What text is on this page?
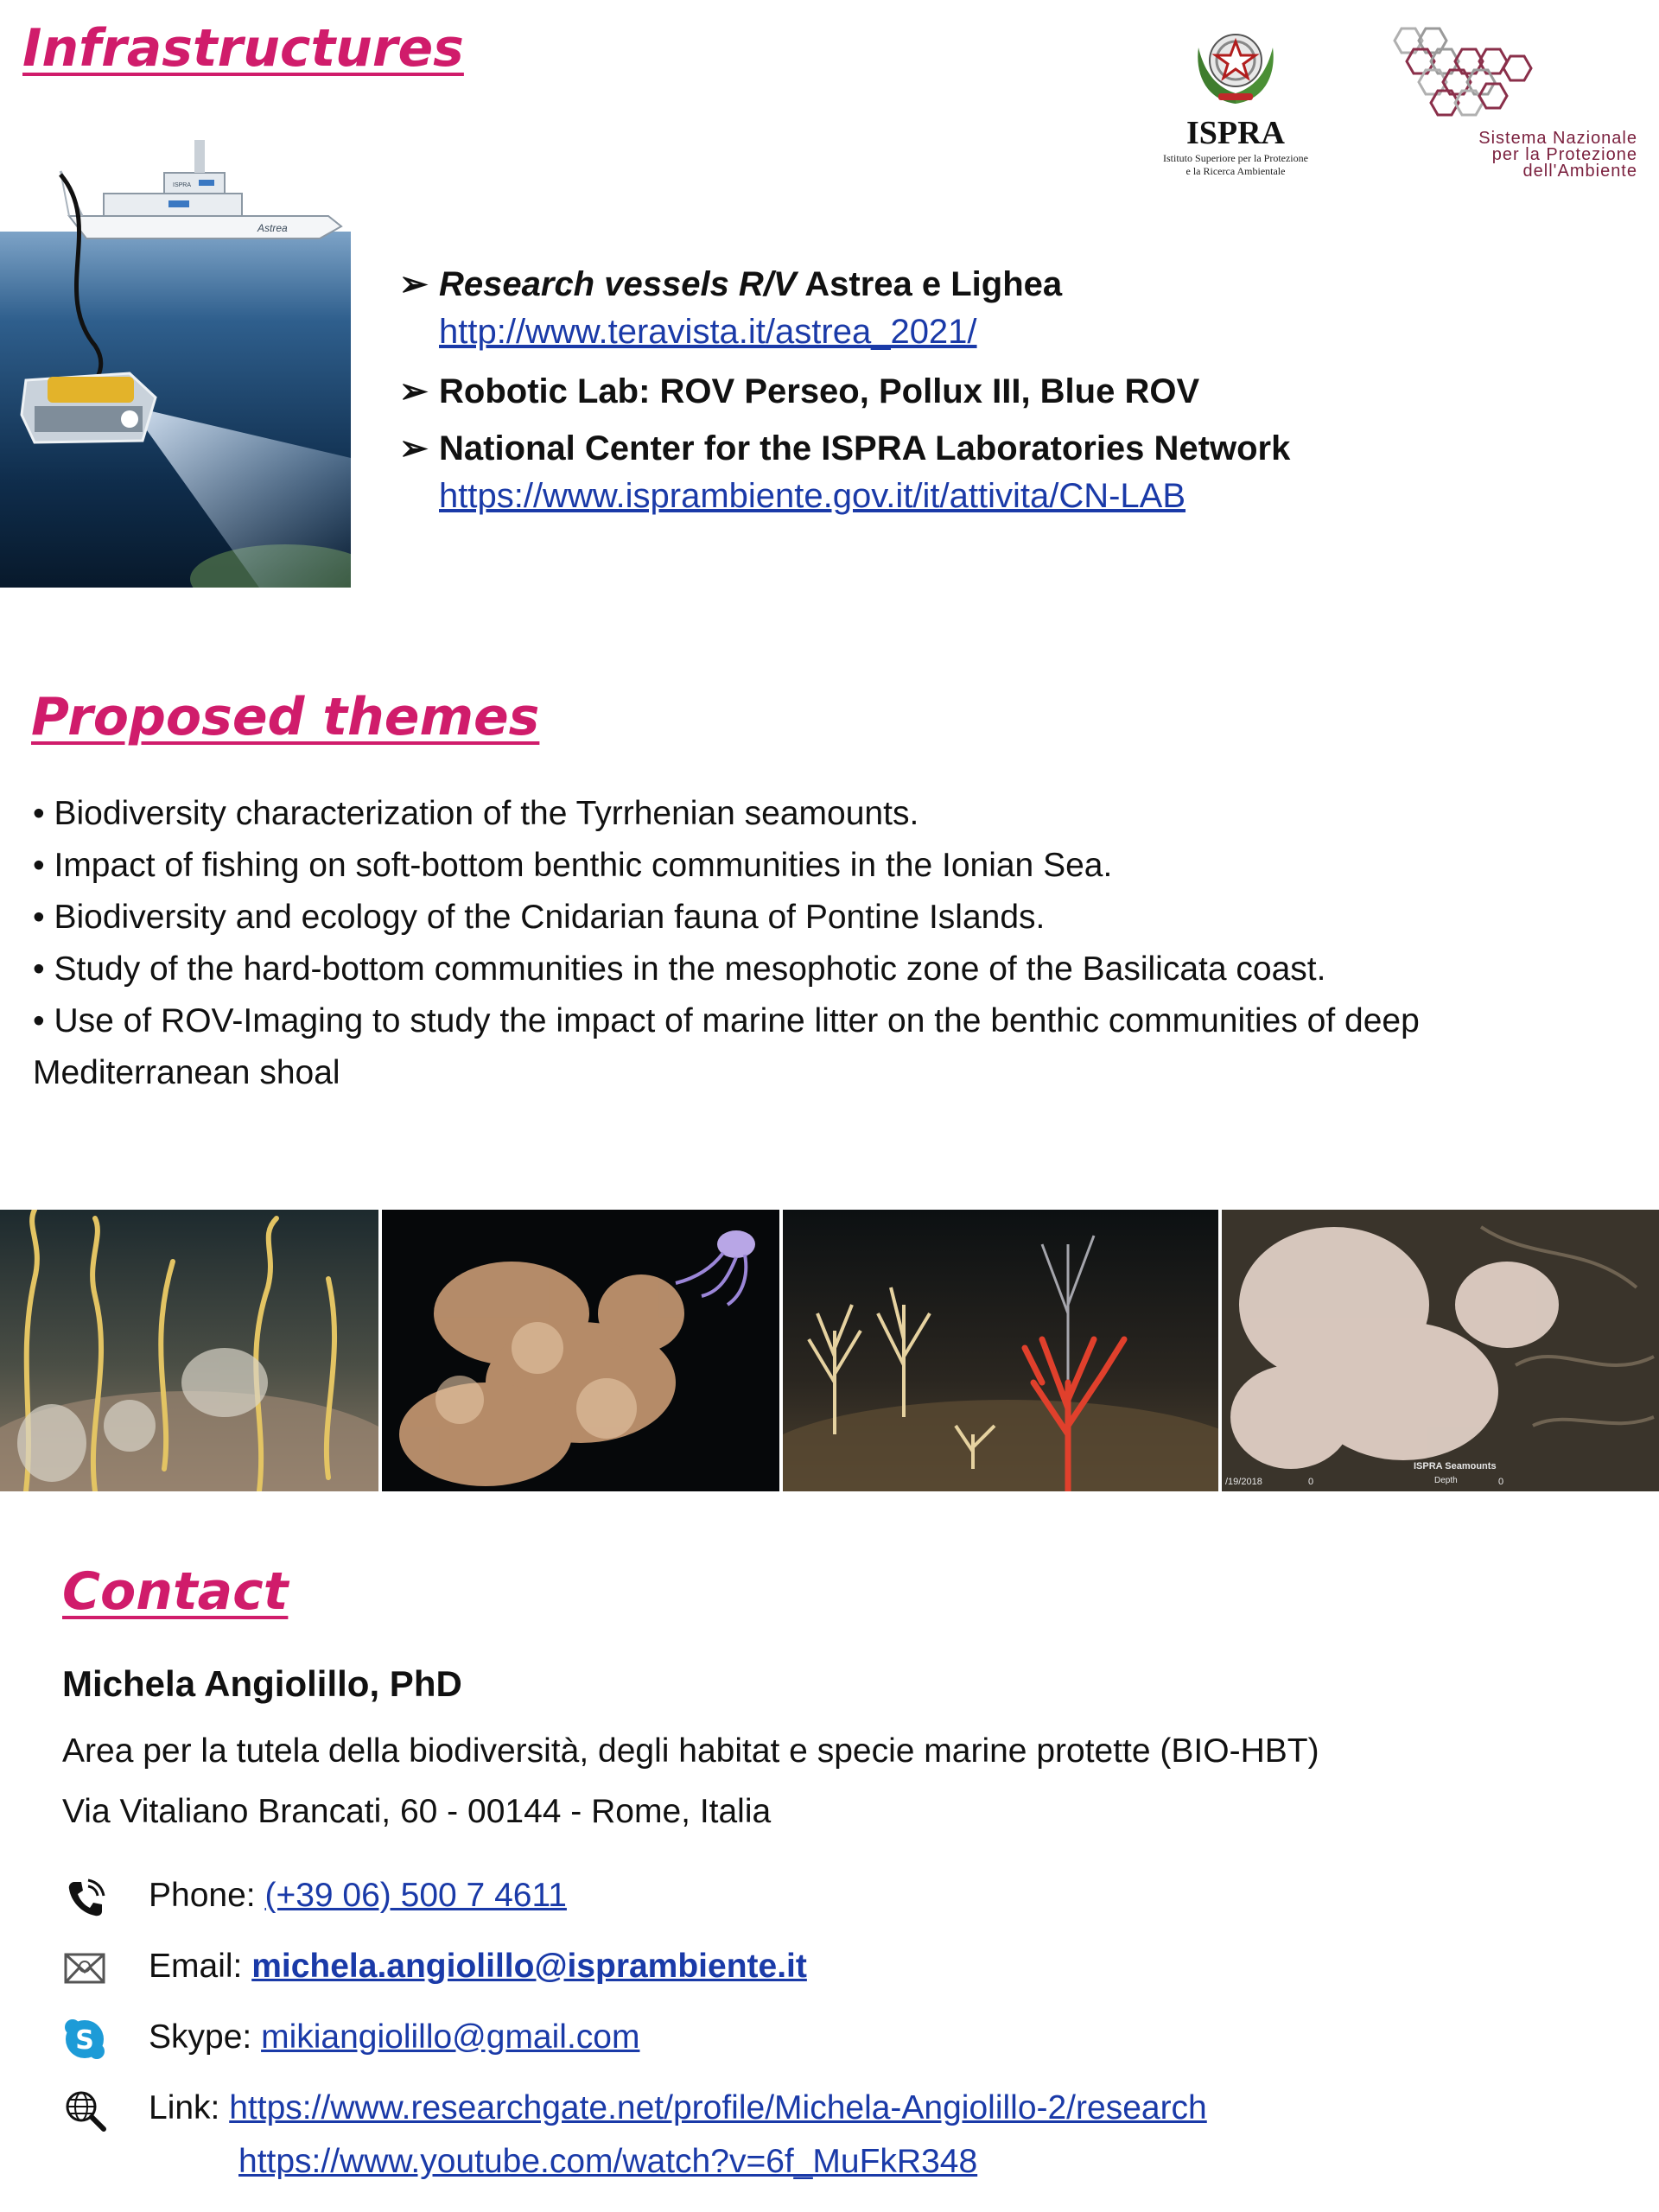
Infrastructures
ISPRA
Istituto Superiore per la Protezione
e la Ricerca Ambientale
Sistema Nazionale
per la Protezione
dell'Ambiente
ISPRA
Astrea
➢ Research vessels R/V Astrea e Lighea
http://www.teravista.it/astrea_2021/
➢ Robotic Lab: ROV Perseo, Pollux III, Blue ROV
➢ National Center for the ISPRA Laboratories Network
https://www.isprambiente.gov.it/it/attivita/CN-LAB
Proposed themes

• Biodiversity characterization of the Tyrrhenian seamounts.

• Impact of fishing on soft-bottom benthic communities in the Ionian Sea.

• Biodiversity and ecology of the Cnidarian fauna of Pontine Islands.

• Study of the hard-bottom communities in the mesophotic zone of the Basilicata coast.

• Use of ROV-Imaging to study the impact of marine litter on the benthic communities of deep Mediterranean shoal

/19/2018	0
ISPRA Seamounts
Depth	0
Contact

Michela Angiolillo, PhD

Area per la tutela della biodiversità, degli habitat e specie marine protette (BIO-HBT)

Via Vitaliano Brancati, 60 - 00144 - Rome, Italia

Phone: (+39 06) 500 7 4611
Email: michela.angiolillo@isprambiente.it
S Skype: mikiangiolillo@gmail.com
Link: https://www.researchgate.net/profile/Michela-Angiolillo-2/research
https://www.youtube.com/watch?v=6f_MuFkR348
